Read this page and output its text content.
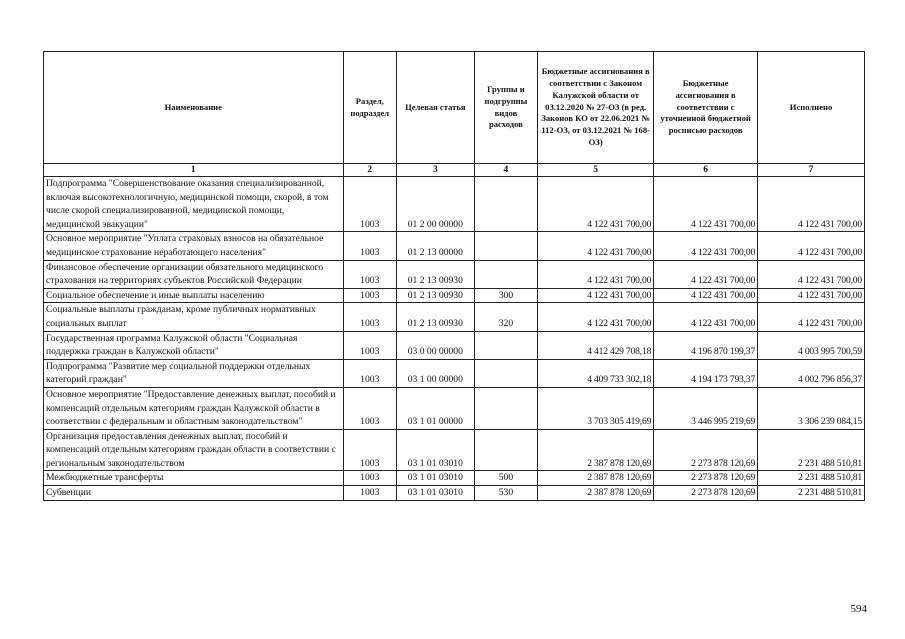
Наименование	Раздел, подраздел	Целевая статья	Группы и подгруппы видов расходов	Бюджетные ассигнования в соответствии с Законом Калужской области от 03.12.2020 № 27-ОЗ (в ред. Законов КО от 22.06.2021 № 112-ОЗ, от 03.12.2021 № 168-ОЗ)	Бюджетные ассигнования в соответствии с уточненной бюджетной росписью расходов	Исполнено
1	2	3	4	5	6	7
Подпрограмма "Совершенствование оказания специализированной, включая высокотехнологичную, медицинской помощи, скорой, в том числе скорой специализированной, медицинской помощи, медицинской эвакуации"	1003	01 2 00 00000		4 122 431 700,00	4 122 431 700,00	4 122 431 700,00
Основное мероприятие "Уплата страховых взносов на обязательное медицинское страхование неработающего населения"	1003	01 2 13 00000		4 122 431 700,00	4 122 431 700,00	4 122 431 700,00
Финансовое обеспечение организации обязательного медицинского страхования на территориях субъектов Российской Федерации	1003	01 2 13 00930		4 122 431 700,00	4 122 431 700,00	4 122 431 700,00
Социальное обеспечение и иные выплаты населению	1003	01 2 13 00930	300	4 122 431 700,00	4 122 431 700,00	4 122 431 700,00
Социальные выплаты гражданам, кроме публичных нормативных социальных выплат	1003	01 2 13 00930	320	4 122 431 700,00	4 122 431 700,00	4 122 431 700,00
Государственная программа Калужской области "Социальная поддержка граждан в Калужской области"	1003	03 0 00 00000		4 412 429 708,18	4 196 870 199,37	4 003 995 700,59
Подпрограмма "Развитие мер социальной поддержки отдельных категорий граждан"	1003	03 1 00 00000		4 409 733 302,18	4 194 173 793,37	4 002 796 856,37
Основное мероприятие "Предоставление денежных выплат, пособий и компенсаций отдельным категориям граждан Калужской области в соответствии с федеральным и областным законодательством"	1003	03 1 01 00000		3 703 305 419,69	3 446 995 219,69	3 306 239 084,15
Организация предоставления денежных выплат, пособий и компенсаций отдельным категориям граждан области в соответствии с региональным законодательством	1003	03 1 01 03010		2 387 878 120,69	2 273 878 120,69	2 231 488 510,81
Межбюджетные трансферты	1003	03 1 01 03010	500	2 387 878 120,69	2 273 878 120,69	2 231 488 510,81
Субвенции	1003	03 1 01 03010	530	2 387 878 120,69	2 273 878 120,69	2 231 488 510,81
594
